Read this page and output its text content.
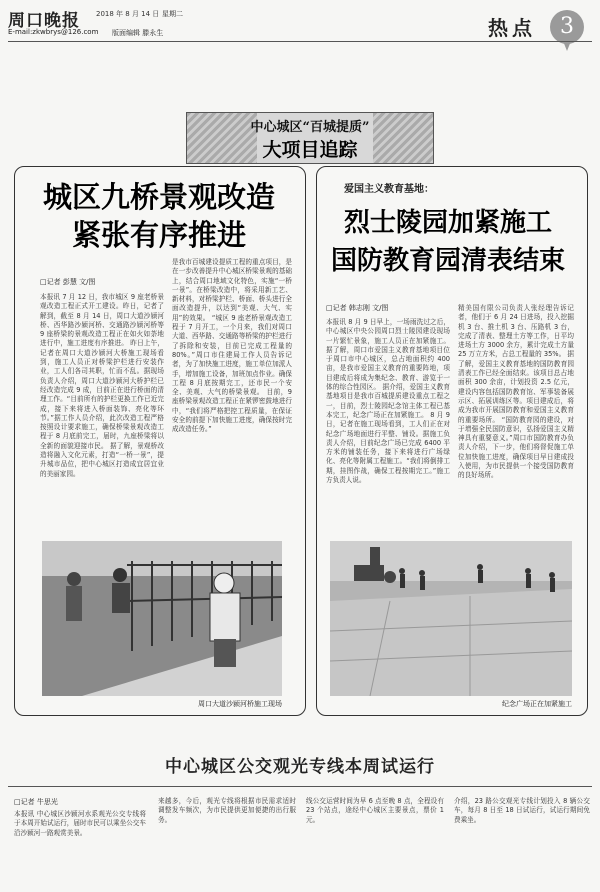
周口晚报 2018 年 8 月 14 日 星期二
E-mail:zkwbrys@126.com 版面编辑 滕永生	热点	3
中心城区“百城提质”
大项目追踪
城区九桥景观改造
紧张有序推进
□记者 彭慧 文/图
本报讯 7 月 12 日，我市城区 9 座老桥景观改造工程正式开工建设。昨日，记者了解到，截至 8 月 14 日，周口大道沙颍河桥、西华路沙颍河桥、交通路沙颍河桥等 9 座桥梁的景观改造工程正在如火如荼地进行中，施工进度有序推进。 昨日上午，记者在周口大道沙颍河大桥施工现场看到，施工人员正对桥梁护栏进行安装作业，工人们各司其职，忙而不乱。据现场负责人介绍，周口大道沙颍河大桥护栏已经改造完成 9 成，目前正在进行桥面的清理工作。“目前所有的护栏更换工作已近完成，接下来将进入桥面装饰、亮化等环节。”据工作人员介绍，此次改造工程严格按照设计要求施工，确保桥梁景观改造工程于 8 月底前完工，届时，九座桥梁将以全新的面貌迎接市民。 据了解，景观桥改造将融入文化元素，打造“一桥一景”，提升城市品位，把中心城区打造成宜居宜业的美丽家园。
是我市百城建设提质工程的重点项目，是在一步改善提升中心城区桥梁景观的基础上，结合周口地域文化特色，实施“一桥一景”。在桥梁改造中，将采用新工艺、新材料，对桥梁护栏、桥面、桥头进行全面改造提升，以达到“美观、大气、实用”的效果。 “城区 9 座老桥景观改造工程于 7 月开工，一个月来，我们对周口大道、西华路、交通路等桥梁的护栏进行了拆除和安装，目前已完成工程量的 80%。”周口市住建局工作人员告诉记者，为了加快施工进度，施工单位加派人手，增加施工设备，加班加点作业。确保工程 8 月底按期完工，还市民一个安全、美观、大气的桥梁景观。 目前，9 座桥梁景观改造工程正在紧锣密鼓地进行中，“我们将严格把控工程质量，在保证安全的前提下加快施工进度，确保按时完成改造任务。”
周口大道沙颍河桥施工现场
爱国主义教育基地：
烈士陵园加紧施工
国防教育园清表结束
□记者 韩志刚 文/图
本报讯 8 月 9 日早上，一场雨洗过之后，中心城区中央公园周口烈士陵园建设现场一片繁忙景象，施工人员正在加紧施工。据了解，周口市爱国主义教育基地项目位于周口市中心城区，总占地面积约 400 亩，是我市爱国主义教育的重要阵地，项目建成后将成为集纪念、教育、游览于一体的综合性园区。 据介绍，爱国主义教育基地项目是我市百城提质建设重点工程之一，目前，烈士陵园纪念馆主体工程已基本完工，纪念广场正在加紧施工。 8 月 9 日，记者在施工现场看到，工人们正在对纪念广场地面进行平整、铺设。据施工负责人介绍，目前纪念广场已完成 6400 平方米的铺装任务，接下来将进行广场绿化、亮化等附属工程施工。“我们将倒排工期，挂图作战，确保工程按期完工。”施工方负责人说。
精美国有限公司负责人张经理告诉记者，他们于 6 月 24 日进场，投入挖掘机 3 台、推土机 3 台、压路机 3 台，完成了清表、整理土方等工作，日平均进场土方 3000 余方，累计完成土方量 25 万立方米，占总工程量的 35%。 据了解，爱国主义教育基地的国防教育园清表工作已经全面结束。该项目总占地面积 300 余亩，计划投资 2.5 亿元，建设内容包括国防教育馆、军事装备展示区、拓展训练区等。项目建成后，将成为我市开展国防教育和爱国主义教育的重要场所。 “国防教育园的建设，对于增强全民国防意识，弘扬爱国主义精神具有重要意义。”周口市国防教育办负责人介绍，下一步，他们将督促施工单位加快施工进度，确保项目早日建成投入使用，为市民提供一个接受国防教育的良好场所。
纪念广场正在加紧施工
中心城区公交观光专线本周试运行
□记者 牛思光
本报讯 中心城区沙颍河水系观光公交专线将于本周开始试运行，届时市民可以乘坐公交车沿沙颍河一路观赏美景。
来越多，今后，观光专线将根据市民需求适时调整发车频次，为市民提供更加便捷的出行服务。
线公交运营时间为早 6 点至晚 8 点，全程设有 23 个站点，途经中心城区主要景点，票价 1 元。
介绍，23 路公交观光专线计划投入 8 辆公交车，每月 8 日至 18 日试运行，试运行期间免费乘坐。
